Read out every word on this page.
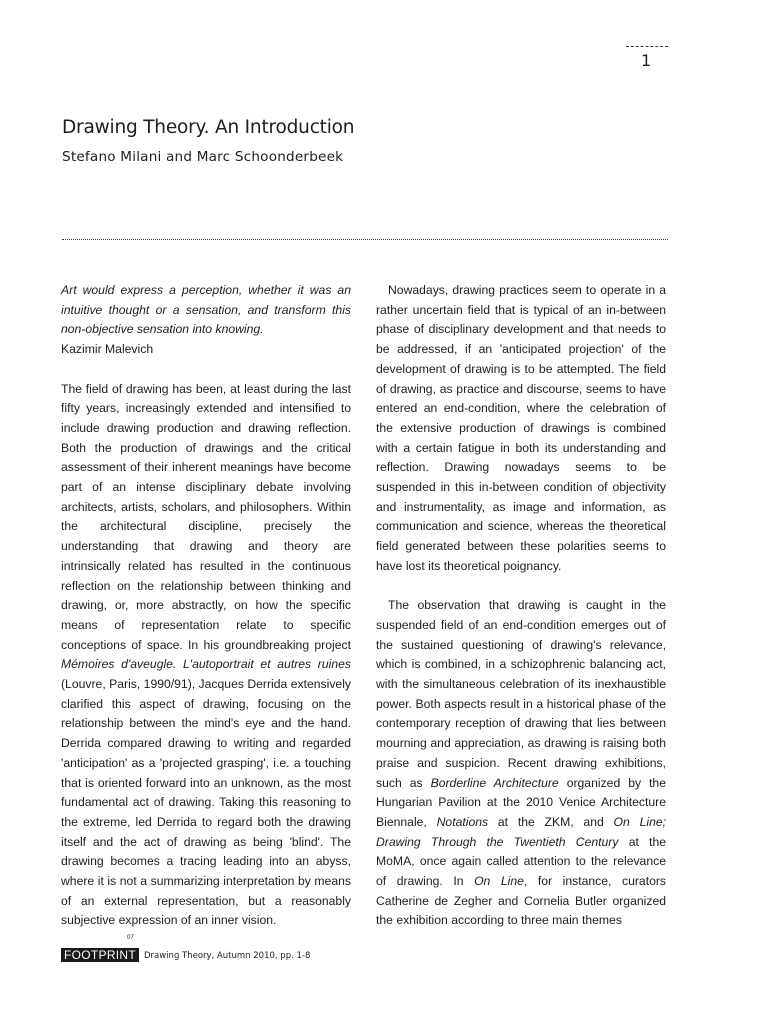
1
Drawing Theory. An Introduction
Stefano Milani and Marc Schoonderbeek

Art would express a perception, whether it was an intuitive thought or a sensation, and transform this non-objective sensation into knowing.

Kazimir Malevich

The field of drawing has been, at least during the last fifty years, increasingly extended and intensified to include drawing production and drawing reflection. Both the production of drawings and the critical assessment of their inherent meanings have become part of an intense disciplinary debate involving architects, artists, scholars, and philosophers. Within the architectural discipline, precisely the understanding that drawing and theory are intrinsically related has resulted in the continuous reflection on the relationship between thinking and drawing, or, more abstractly, on how the specific means of representation relate to specific conceptions of space. In his groundbreaking project Mémoires d'aveugle. L'autoportrait et autres ruines (Louvre, Paris, 1990/91), Jacques Derrida extensively clarified this aspect of drawing, focusing on the relationship between the mind's eye and the hand. Derrida compared drawing to writing and regarded 'anticipation' as a 'projected grasping', i.e. a touching that is oriented forward into an unknown, as the most fundamental act of drawing. Taking this reasoning to the extreme, led Derrida to regard both the drawing itself and the act of drawing as being 'blind'. The drawing becomes a tracing leading into an abyss, where it is not a summarizing interpretation by means of an external representation, but a reasonably subjective expression of an inner vision.

Nowadays, drawing practices seem to operate in a rather uncertain field that is typical of an in-between phase of disciplinary development and that needs to be addressed, if an 'anticipated projection' of the development of drawing is to be attempted. The field of drawing, as practice and discourse, seems to have entered an end-condition, where the celebration of the extensive production of drawings is combined with a certain fatigue in both its understanding and reflection. Drawing nowadays seems to be suspended in this in-between condition of objectivity and instrumentality, as image and information, as communication and science, whereas the theoretical field generated between these polarities seems to have lost its theoretical poignancy.

The observation that drawing is caught in the suspended field of an end-condition emerges out of the sustained questioning of drawing's relevance, which is combined, in a schizophrenic balancing act, with the simultaneous celebration of its inexhaustible power. Both aspects result in a historical phase of the contemporary reception of drawing that lies between mourning and appreciation, as drawing is raising both praise and suspicion. Recent drawing exhibitions, such as Borderline Architecture organized by the Hungarian Pavilion at the 2010 Venice Architecture Biennale, Notations at the ZKM, and On Line; Drawing Through the Twentieth Century at the MoMA, once again called attention to the relevance of drawing. In On Line, for instance, curators Catherine de Zegher and Cornelia Butler organized the exhibition according to three main themes

07
FOOTPRINT Drawing Theory, Autumn 2010, pp. 1-8
